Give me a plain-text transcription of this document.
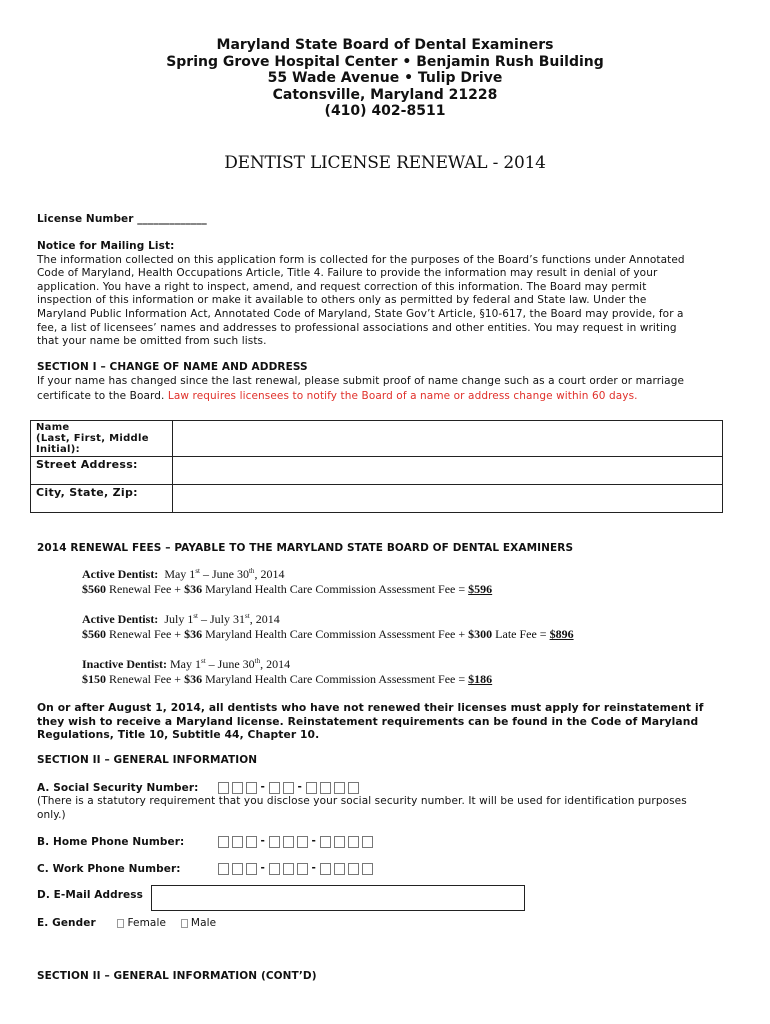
Maryland State Board of Dental Examiners
Spring Grove Hospital Center • Benjamin Rush Building
55 Wade Avenue • Tulip Drive
Catonsville, Maryland 21228
(410) 402-8511
DENTIST LICENSE RENEWAL - 2014
License Number _____________
Notice for Mailing List:
The information collected on this application form is collected for the purposes of the Board’s functions under Annotated
Code of Maryland, Health Occupations Article, Title 4. Failure to provide the information may result in denial of your
application. You have a right to inspect, amend, and request correction of this information. The Board may permit
inspection of this information or make it available to others only as permitted by federal and State law. Under the
Maryland Public Information Act, Annotated Code of Maryland, State Gov’t Article, §10-617, the Board may provide, for a
fee, a list of licensees’ names and addresses to professional associations and other entities. You may request in writing
that your name be omitted from such lists.
SECTION I – CHANGE OF NAME AND ADDRESS
If your name has changed since the last renewal, please submit proof of name change such as a court order or marriage
certificate to the Board. Law requires licensees to notify the Board of a name or address change within 60 days.
Name
(Last, First, Middle
Initial):	

Street Address:	
City, State, Zip:	
2014 RENEWAL FEES – PAYABLE TO THE MARYLAND STATE BOARD OF DENTAL EXAMINERS
Active Dentist: May 1st – June 30th, 2014
$560 Renewal Fee + $36 Maryland Health Care Commission Assessment Fee = $596
Active Dentist: July 1st – July 31st, 2014
$560 Renewal Fee + $36 Maryland Health Care Commission Assessment Fee + $300 Late Fee = $896
Inactive Dentist: May 1st – June 30th, 2014
$150 Renewal Fee + $36 Maryland Health Care Commission Assessment Fee = $186
On or after August 1, 2014, all dentists who have not renewed their licenses must apply for reinstatement if
they wish to receive a Maryland license. Reinstatement requirements can be found in the Code of Maryland
Regulations, Title 10, Subtitle 44, Chapter 10.
SECTION II – GENERAL INFORMATION
A. Social Security Number:	-	-
(There is a statutory requirement that you disclose your social security number. It will be used for identification purposes
only.)
B. Home Phone Number:	-	-
C. Work Phone Number:	-	-
D. E-Mail Address
E. Gender	Female Male
SECTION II – GENERAL INFORMATION (CONT’D)
